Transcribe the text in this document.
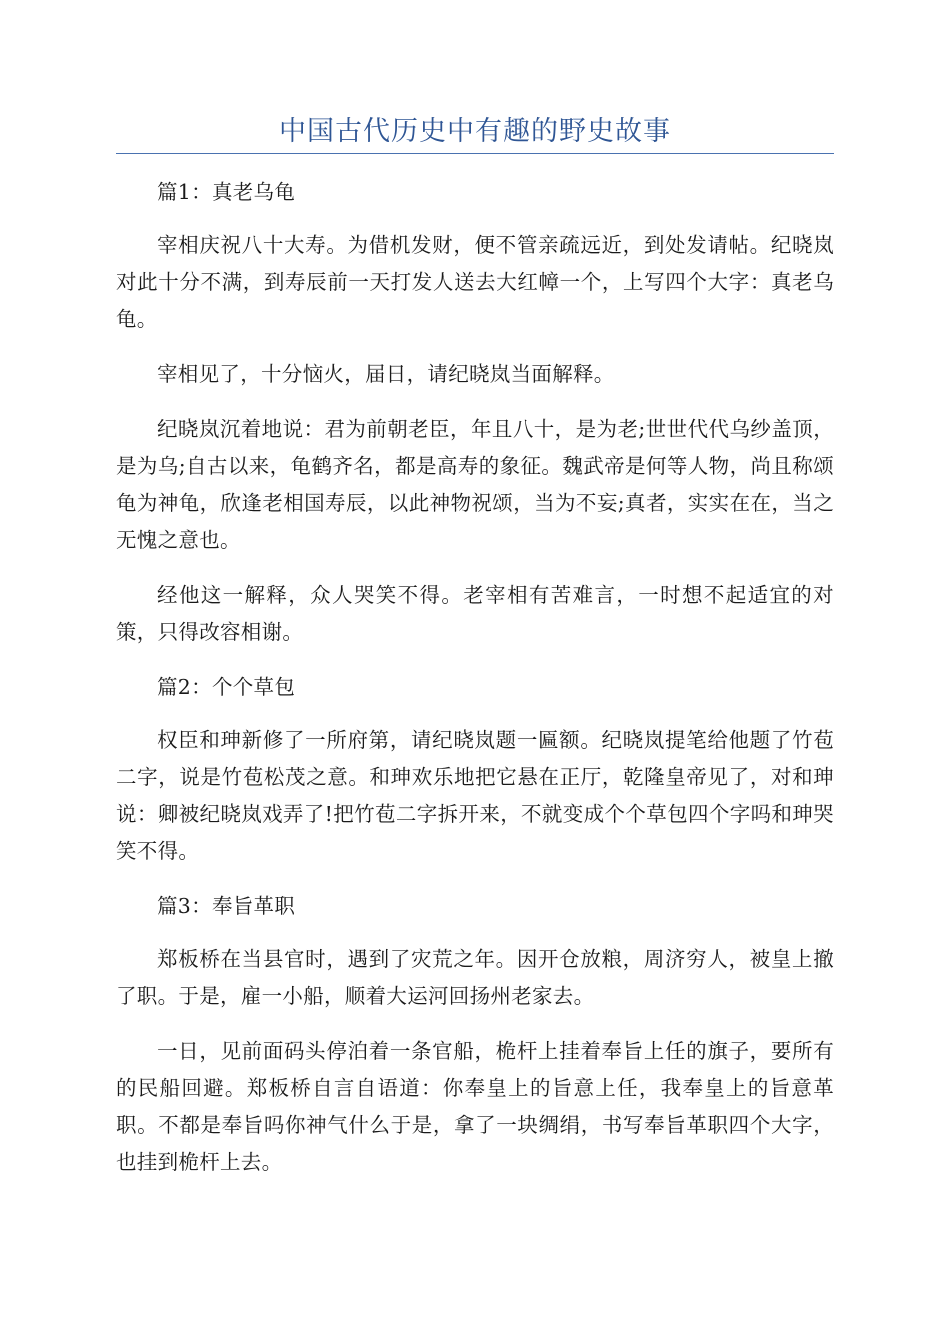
中国古代历史中有趣的野史故事

篇1：真老乌龟

宰相庆祝八十大寿。为借机发财，便不管亲疏远近，到处发请帖。纪晓岚对此十分不满，到寿辰前一天打发人送去大红幛一个，上写四个大字：真老乌龟。

宰相见了，十分恼火，届日，请纪晓岚当面解释。

纪晓岚沉着地说：君为前朝老臣，年且八十，是为老;世世代代乌纱盖顶，是为乌;自古以来，龟鹤齐名，都是高寿的象征。魏武帝是何等人物，尚且称颂龟为神龟，欣逢老相国寿辰，以此神物祝颂，当为不妄;真者，实实在在，当之无愧之意也。

经他这一解释，众人哭笑不得。老宰相有苦难言，一时想不起适宜的对策，只得改容相谢。

篇2：个个草包

权臣和珅新修了一所府第，请纪晓岚题一匾额。纪晓岚提笔给他题了竹苞二字，说是竹苞松茂之意。和珅欢乐地把它悬在正厅，乾隆皇帝见了，对和珅说：卿被纪晓岚戏弄了!把竹苞二字拆开来，不就变成个个草包四个字吗和珅哭笑不得。

篇3：奉旨革职

郑板桥在当县官时，遇到了灾荒之年。因开仓放粮，周济穷人，被皇上撤了职。于是，雇一小船，顺着大运河回扬州老家去。

一日，见前面码头停泊着一条官船，桅杆上挂着奉旨上任的旗子，要所有的民船回避。郑板桥自言自语道：你奉皇上的旨意上任，我奉皇上的旨意革职。不都是奉旨吗你神气什么于是，拿了一块绸绢，书写奉旨革职四个大字，也挂到桅杆上去。
